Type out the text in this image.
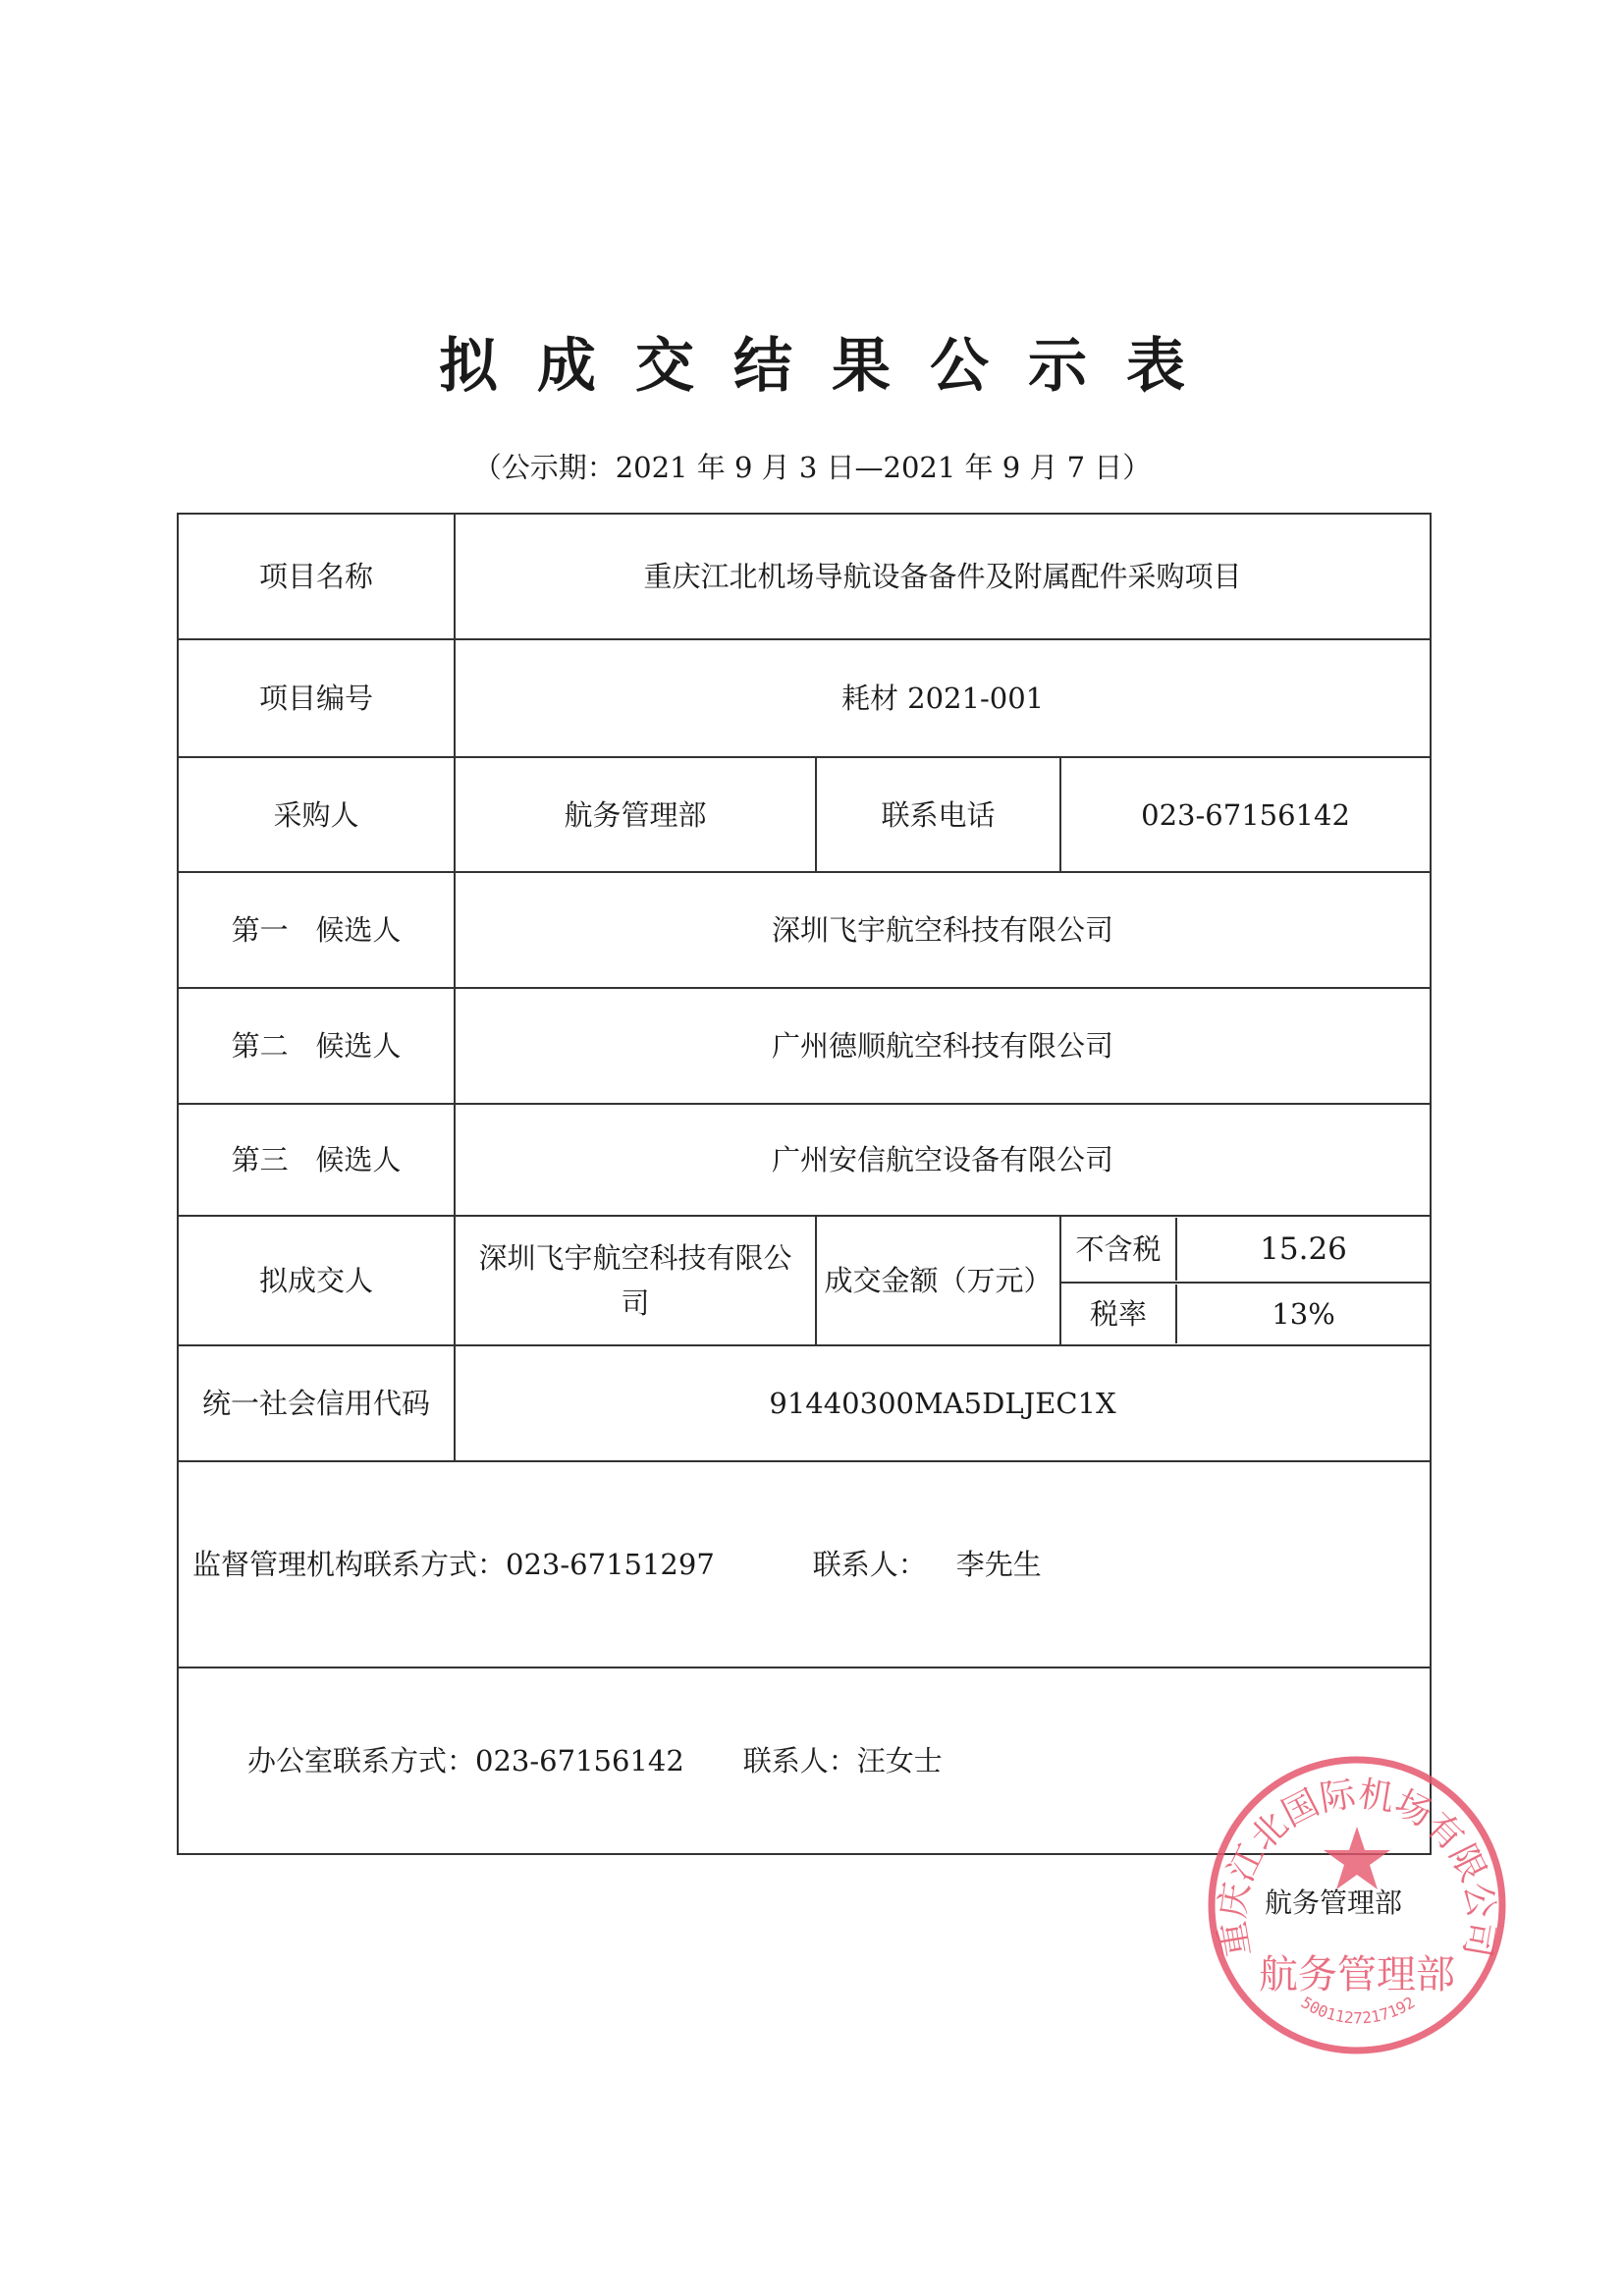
拟成交结果公示表
（公示期：2021 年 9 月 3 日—2021 年 9 月 7 日）
项目名称	重庆江北机场导航设备备件及附属配件采购项目		
项目编号	耗材 2021-001		
采购人	航务管理部	联系电话	023-67156142
第一   候选人	深圳飞宇航空科技有限公司		
第二   候选人	广州德顺航空科技有限公司		
第三   候选人	广州安信航空设备有限公司		
拟成交人	深圳飞宇航空科技有限公司	成交金额（万元）	不含税 15.26

税率 13%

统一社会信用代码	91440300MA5DLJEC1X		

监督管理机构联系方式： 023-67151297 联系人： 李先生			

办公室联系方式： 023-67156142 联系人： 汪女士			
重庆江北国际机场有限公司
航务管理部
5001127217192
航务管理部
